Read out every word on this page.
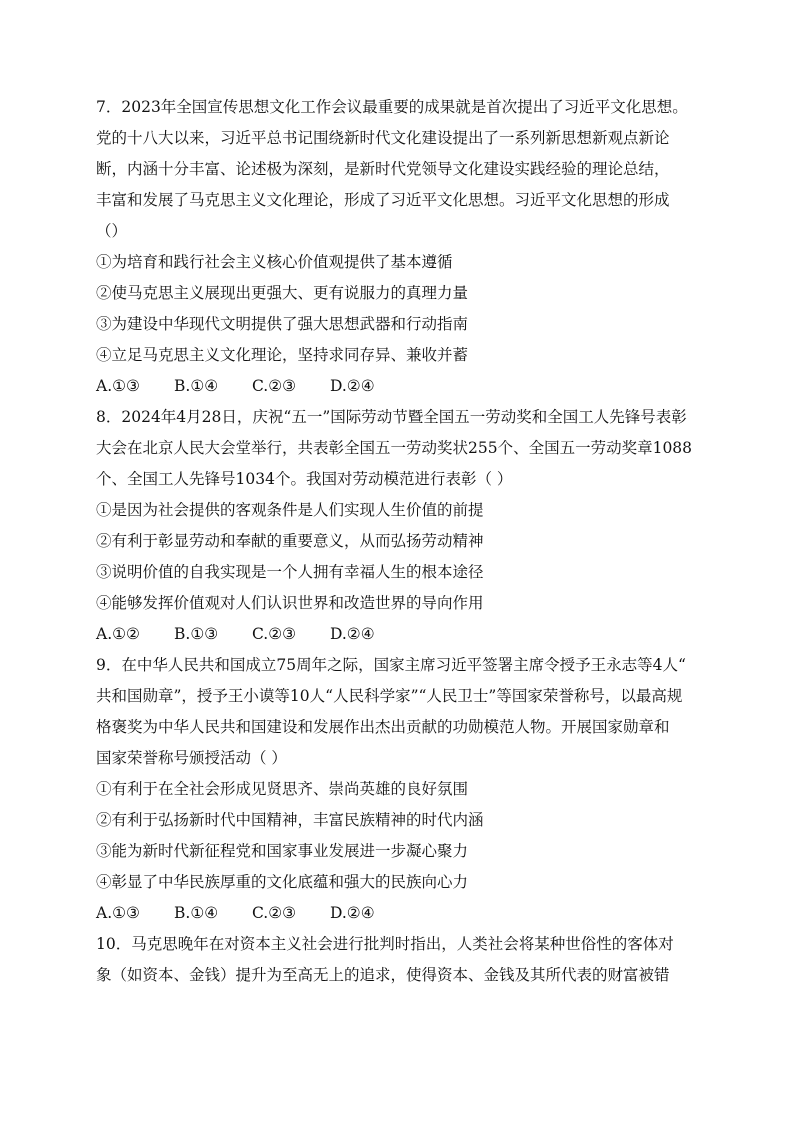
7．2023年全国宣传思想文化工作会议最重要的成果就是首次提出了习近平文化思想。
党的十八大以来，习近平总书记围绕新时代文化建设提出了一系列新思想新观点新论
断，内涵十分丰富、论述极为深刻，是新时代党领导文化建设实践经验的理论总结，
丰富和发展了马克思主义文化理论，形成了习近平文化思想。习近平文化思想的形成
（）
①为培育和践行社会主义核心价值观提供了基本遵循
②使马克思主义展现出更强大、更有说服力的真理力量
③为建设中华现代文明提供了强大思想武器和行动指南
④立足马克思主义文化理论，坚持求同存异、兼收并蓄
A.①③	B.①④	C.②③	D.②④
8．2024年4月28日，庆祝“五一”国际劳动节暨全国五一劳动奖和全国工人先锋号表彰
大会在北京人民大会堂举行，共表彰全国五一劳动奖状255个、全国五一劳动奖章1088
个、全国工人先锋号1034个。我国对劳动模范进行表彰（ ）
①是因为社会提供的客观条件是人们实现人生价值的前提
②有利于彰显劳动和奉献的重要意义，从而弘扬劳动精神
③说明价值的自我实现是一个人拥有幸福人生的根本途径
④能够发挥价值观对人们认识世界和改造世界的导向作用
A.①②	B.①③	C.②③	D.②④
9．在中华人民共和国成立75周年之际，国家主席习近平签署主席令授予王永志等4人“
共和国勋章”，授予王小谟等10人“人民科学家”“人民卫士”等国家荣誉称号，以最高规
格褒奖为中华人民共和国建设和发展作出杰出贡献的功勋模范人物。开展国家勋章和
国家荣誉称号颁授活动（ ）
①有利于在全社会形成见贤思齐、崇尚英雄的良好氛围
②有利于弘扬新时代中国精神，丰富民族精神的时代内涵
③能为新时代新征程党和国家事业发展进一步凝心聚力
④彰显了中华民族厚重的文化底蕴和强大的民族向心力
A.①③	B.①④	C.②③	D.②④
10．马克思晚年在对资本主义社会进行批判时指出，人类社会将某种世俗性的客体对
象（如资本、金钱）提升为至高无上的追求，使得资本、金钱及其所代表的财富被错
